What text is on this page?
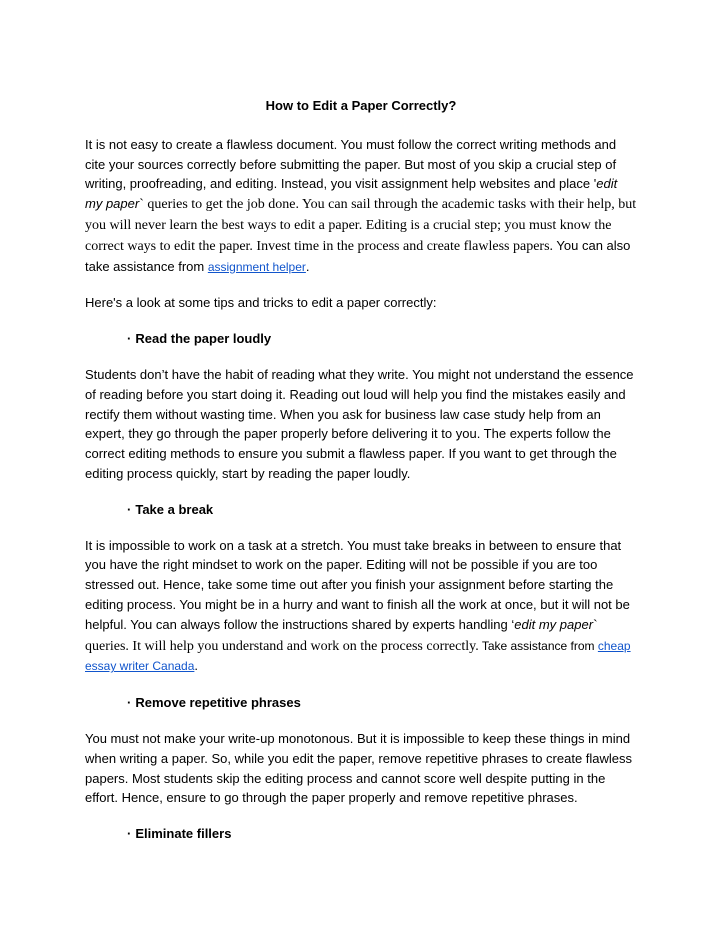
How to Edit a Paper Correctly?

It is not easy to create a flawless document. You must follow the correct writing methods and cite your sources correctly before submitting the paper. But most of you skip a crucial step of writing, proofreading, and editing. Instead, you visit assignment help websites and place 'edit my paper` queries to get the job done. You can sail through the academic tasks with their help, but you will never learn the best ways to edit a paper. Editing is a crucial step; you must know the correct ways to edit the paper. Invest time in the process and create flawless papers. You can also take assistance from assignment helper.

Here's a look at some tips and tricks to edit a paper correctly:

· Read the paper loudly

Students don’t have the habit of reading what they write. You might not understand the essence of reading before you start doing it. Reading out loud will help you find the mistakes easily and rectify them without wasting time. When you ask for business law case study help from an expert, they go through the paper properly before delivering it to you. The experts follow the correct editing methods to ensure you submit a flawless paper. If you want to get through the editing process quickly, start by reading the paper loudly.

· Take a break

It is impossible to work on a task at a stretch. You must take breaks in between to ensure that you have the right mindset to work on the paper. Editing will not be possible if you are too stressed out. Hence, take some time out after you finish your assignment before starting the editing process. You might be in a hurry and want to finish all the work at once, but it will not be helpful. You can always follow the instructions shared by experts handling ‘edit my paper` queries. It will help you understand and work on the process correctly. Take assistance from cheap essay writer Canada.

· Remove repetitive phrases

You must not make your write-up monotonous. But it is impossible to keep these things in mind when writing a paper. So, while you edit the paper, remove repetitive phrases to create flawless papers. Most students skip the editing process and cannot score well despite putting in the effort. Hence, ensure to go through the paper properly and remove repetitive phrases.

· Eliminate fillers
